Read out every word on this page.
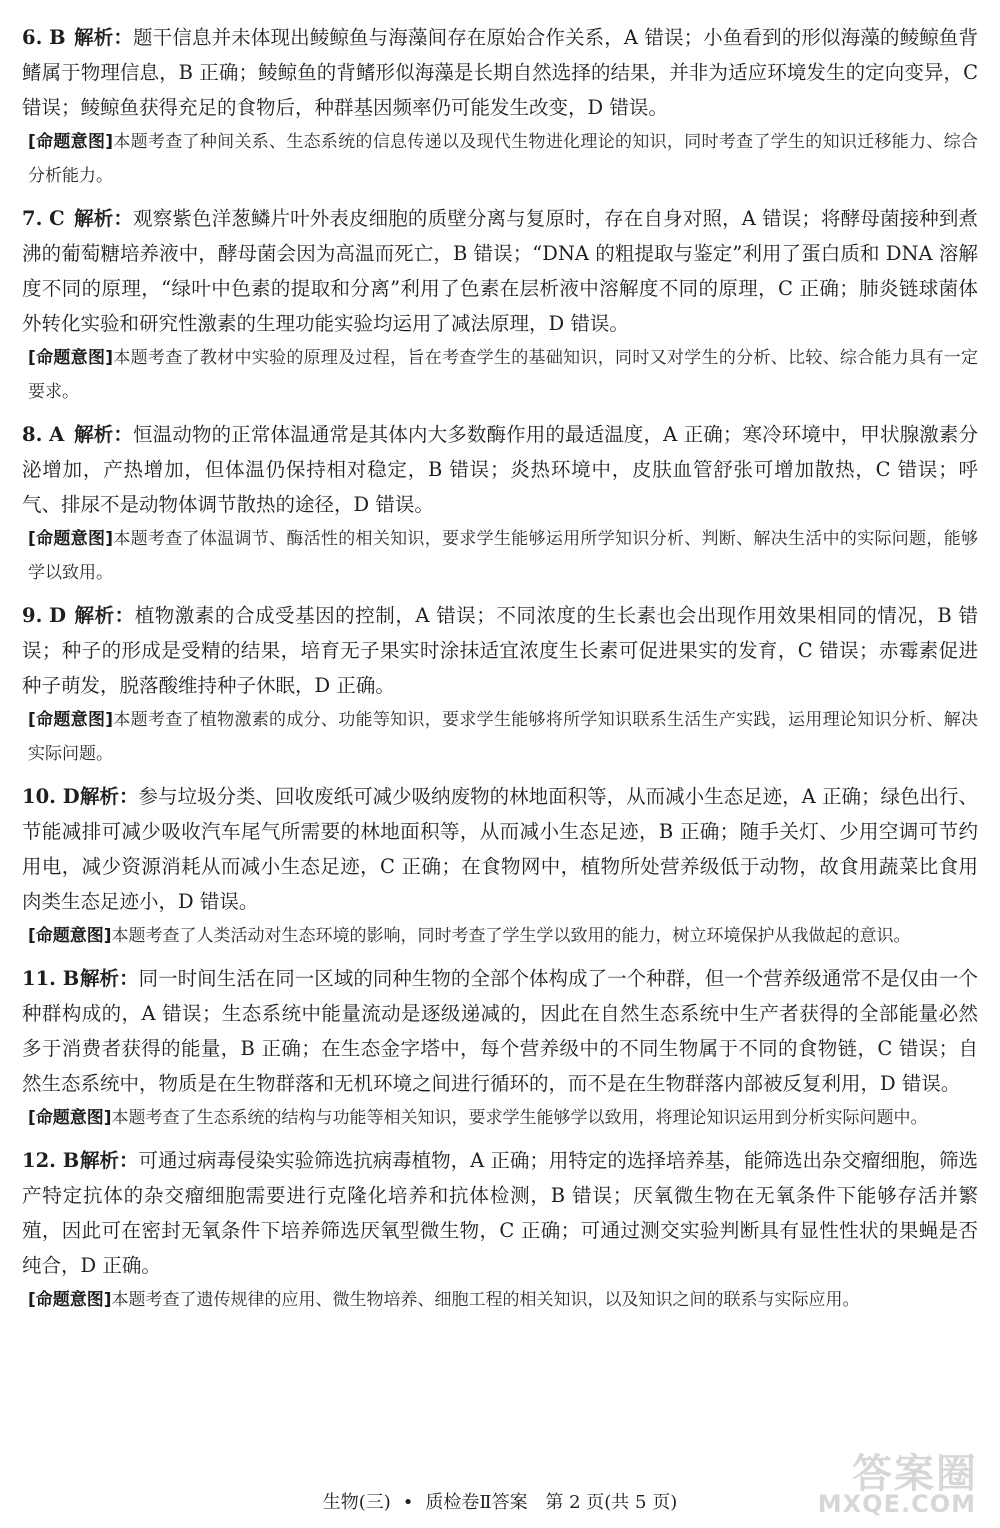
6. B 解析：题干信息并未体现出鲮鲸鱼与海藻间存在原始合作关系，A 错误；小鱼看到的形似海藻的鲮鲸鱼背鳍属于物理信息，B 正确；鲮鲸鱼的背鳍形似海藻是长期自然选择的结果，并非为适应环境发生的定向变异，C 错误；鲮鲸鱼获得充足的食物后，种群基因频率仍可能发生改变，D 错误。
[命题意图]本题考查了种间关系、生态系统的信息传递以及现代生物进化理论的知识，同时考查了学生的知识迁移能力、综合分析能力。
7. C 解析：观察紫色洋葱鳞片叶外表皮细胞的质壁分离与复原时，存在自身对照，A 错误；将酵母菌接种到煮沸的葡萄糖培养液中，酵母菌会因为高温而死亡，B 错误；“DNA 的粗提取与鉴定”利用了蛋白质和 DNA 溶解度不同的原理，“绿叶中色素的提取和分离”利用了色素在层析液中溶解度不同的原理，C 正确；肺炎链球菌体外转化实验和研究性激素的生理功能实验均运用了减法原理，D 错误。
[命题意图]本题考查了教材中实验的原理及过程，旨在考查学生的基础知识，同时又对学生的分析、比较、综合能力具有一定要求。
8. A 解析：恒温动物的正常体温通常是其体内大多数酶作用的最适温度，A 正确；寒冷环境中，甲状腺激素分泌增加，产热增加，但体温仍保持相对稳定，B 错误；炎热环境中，皮肤血管舒张可增加散热，C 错误；呼气、排尿不是动物体调节散热的途径，D 错误。
[命题意图]本题考查了体温调节、酶活性的相关知识，要求学生能够运用所学知识分析、判断、解决生活中的实际问题，能够学以致用。
9. D 解析：植物激素的合成受基因的控制，A 错误；不同浓度的生长素也会出现作用效果相同的情况，B 错误；种子的形成是受精的结果，培育无子果实时涂抹适宜浓度生长素可促进果实的发育，C 错误；赤霉素促进种子萌发，脱落酸维持种子休眠，D 正确。
[命题意图]本题考查了植物激素的成分、功能等知识，要求学生能够将所学知识联系生活生产实践，运用理论知识分析、解决实际问题。
10. D解析：参与垃圾分类、回收废纸可减少吸纳废物的林地面积等，从而减小生态足迹，A 正确；绿色出行、节能减排可减少吸收汽车尾气所需要的林地面积等，从而减小生态足迹，B 正确；随手关灯、少用空调可节约用电，减少资源消耗从而减小生态足迹，C 正确；在食物网中，植物所处营养级低于动物，故食用蔬菜比食用肉类生态足迹小，D 错误。
[命题意图]本题考查了人类活动对生态环境的影响，同时考查了学生学以致用的能力，树立环境保护从我做起的意识。
11. B解析：同一时间生活在同一区域的同种生物的全部个体构成了一个种群，但一个营养级通常不是仅由一个种群构成的，A 错误；生态系统中能量流动是逐级递减的，因此在自然生态系统中生产者获得的全部能量必然多于消费者获得的能量，B 正确；在生态金字塔中，每个营养级中的不同生物属于不同的食物链，C 错误；自然生态系统中，物质是在生物群落和无机环境之间进行循环的，而不是在生物群落内部被反复利用，D 错误。
[命题意图]本题考查了生态系统的结构与功能等相关知识，要求学生能够学以致用，将理论知识运用到分析实际问题中。
12. B解析：可通过病毒侵染实验筛选抗病毒植物，A 正确；用特定的选择培养基，能筛选出杂交瘤细胞，筛选产特定抗体的杂交瘤细胞需要进行克隆化培养和抗体检测，B 错误；厌氧微生物在无氧条件下能够存活并繁殖，因此可在密封无氧条件下培养筛选厌氧型微生物，C 正确；可通过测交实验判断具有显性性状的果蝇是否纯合，D 正确。
[命题意图]本题考查了遗传规律的应用、微生物培养、细胞工程的相关知识，以及知识之间的联系与实际应用。
生物(三) • 质检卷Ⅱ答案 第 2 页(共 5 页)
答案圈
MXQE.COM
